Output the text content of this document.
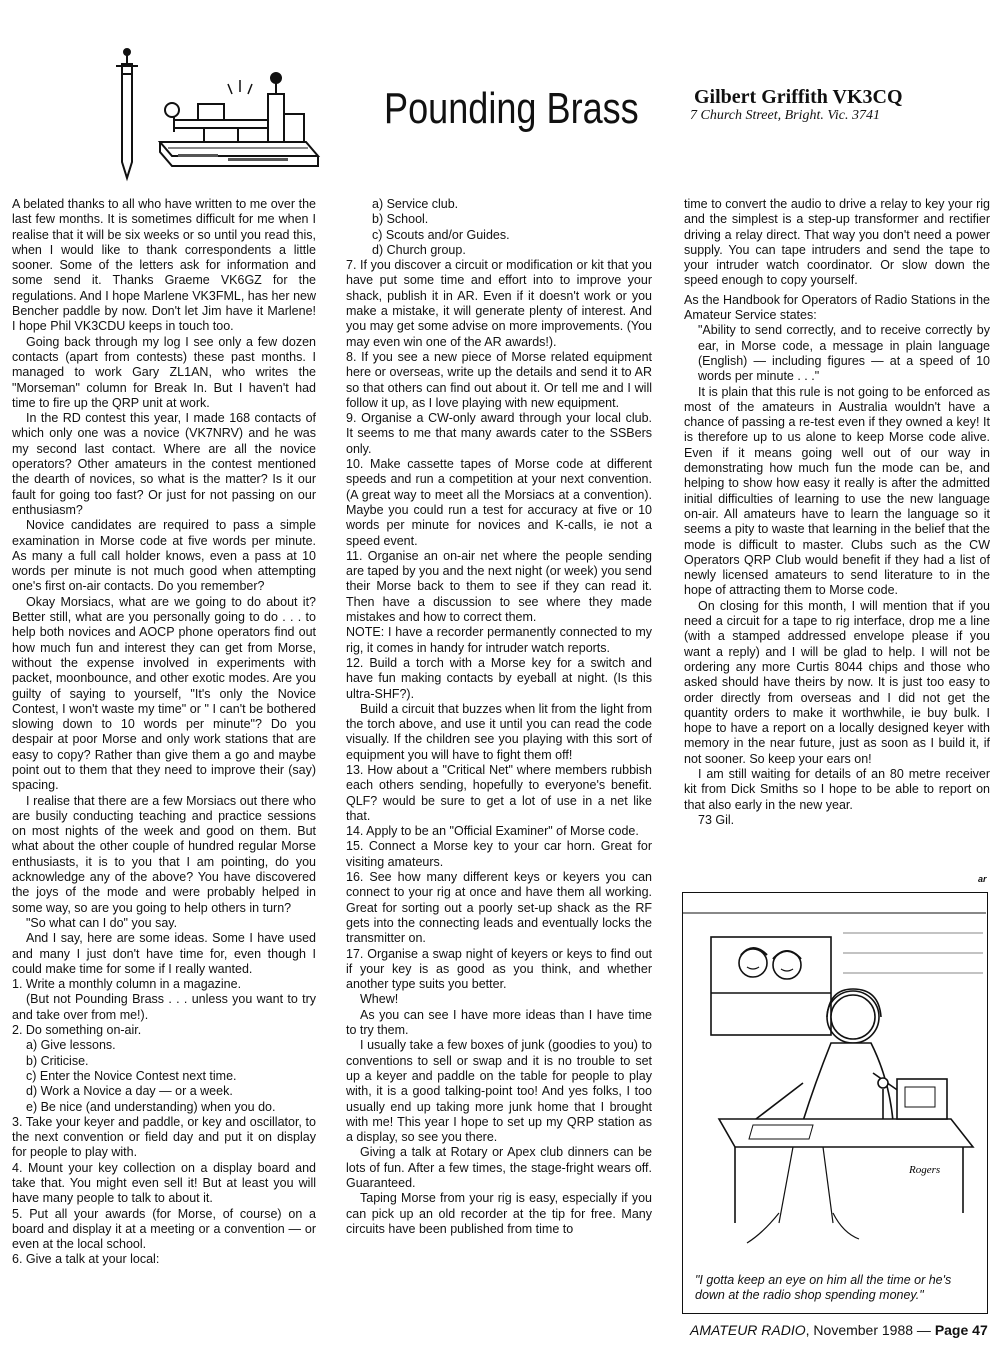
Pounding Brass	Gilbert Griffith VK3CQ
7 Church Street, Bright. Vic. 3741

A belated thanks to all who have written to me over the last few months. It is sometimes difficult for me when I realise that it will be six weeks or so until you read this, when I would like to thank correspondents a little sooner. Some of the letters ask for information and some send it. Thanks Graeme VK6GZ for the regulations. And I hope Marlene VK3FML, has her new Bencher paddle by now. Don't let Jim have it Marlene! I hope Phil VK3CDU keeps in touch too.

Going back through my log I see only a few dozen contacts (apart from contests) these past months. I managed to work Gary ZL1AN, who writes the "Morseman" column for Break In. But I haven't had time to fire up the QRP unit at work.

In the RD contest this year, I made 168 contacts of which only one was a novice (VK7NRV) and he was my second last contact. Where are all the novice operators? Other amateurs in the contest mentioned the dearth of novices, so what is the matter? Is it our fault for going too fast? Or just for not passing on our enthusiasm?

Novice candidates are required to pass a simple examination in Morse code at five words per minute. As many a full call holder knows, even a pass at 10 words per minute is not much good when attempting one's first on-air contacts. Do you remember?

Okay Morsiacs, what are we going to do about it? Better still, what are you personally going to do . . . to help both novices and AOCP phone operators find out how much fun and interest they can get from Morse, without the expense involved in experiments with packet, moonbounce, and other exotic modes. Are you guilty of saying to yourself, "It's only the Novice Contest, I won't waste my time" or " I can't be bothered slowing down to 10 words per minute"? Do you despair at poor Morse and only work stations that are easy to copy? Rather than give them a go and maybe point out to them that they need to improve their (say) spacing.

I realise that there are a few Morsiacs out there who are busily conducting teaching and practice sessions on most nights of the week and good on them. But what about the other couple of hundred regular Morse enthusiasts, it is to you that I am pointing, do you acknowledge any of the above? You have discovered the joys of the mode and were probably helped in some way, so are you going to help others in turn?

"So what can I do" you say.

And I say, here are some ideas. Some I have used and many I just don't have time for, even though I could make time for some if I really wanted.

1. Write a monthly column in a magazine.

(But not Pounding Brass . . . unless you want to try and take over from me!).

2. Do something on-air.

a) Give lessons.

b) Criticise.

c) Enter the Novice Contest next time.

d) Work a Novice a day — or a week.

e) Be nice (and understanding) when you do.

3. Take your keyer and paddle, or key and oscillator, to the next convention or field day and put it on display for people to play with.

4. Mount your key collection on a display board and take that. You might even sell it! But at least you will have many people to talk to about it.

5. Put all your awards (for Morse, of course) on a board and display it at a meeting or a convention — or even at the local school.

6. Give a talk at your local:

a) Service club.

b) School.

c) Scouts and/or Guides.

d) Church group.

7. If you discover a circuit or modification or kit that you have put some time and effort into to improve your shack, publish it in AR. Even if it doesn't work or you make a mistake, it will generate plenty of interest. And you may get some advise on more improvements. (You may even win one of the AR awards!).

8. If you see a new piece of Morse related equipment here or overseas, write up the details and send it to AR so that others can find out about it. Or tell me and I will follow it up, as I love playing with new equipment.

9. Organise a CW-only award through your local club. It seems to me that many awards cater to the SSBers only.

10. Make cassette tapes of Morse code at different speeds and run a competition at your next convention. (A great way to meet all the Morsiacs at a convention). Maybe you could run a test for accuracy at five or 10 words per minute for novices and K-calls, ie not a speed event.

11. Organise an on-air net where the people sending are taped by you and the next night (or week) you send their Morse back to them to see if they can read it. Then have a discussion to see where they made mistakes and how to correct them.

NOTE: I have a recorder permanently connected to my rig, it comes in handy for intruder watch reports.

12. Build a torch with a Morse key for a switch and have fun making contacts by eyeball at night. (Is this ultra-SHF?).

Build a circuit that buzzes when lit from the light from the torch above, and use it until you can read the code visually. If the children see you playing with this sort of equipment you will have to fight them off!

13. How about a "Critical Net" where members rubbish each others sending, hopefully to everyone's benefit. QLF? would be sure to get a lot of use in a net like that.

14. Apply to be an "Official Examiner" of Morse code.

15. Connect a Morse key to your car horn. Great for visiting amateurs.

16. See how many different keys or keyers you can connect to your rig at once and have them all working. Great for sorting out a poorly set-up shack as the RF gets into the connecting leads and eventually locks the transmitter on.

17. Organise a swap night of keyers or keys to find out if your key is as good as you think, and whether another type suits you better.

Whew!

As you can see I have more ideas than I have time to try them.

I usually take a few boxes of junk (goodies to you) to conventions to sell or swap and it is no trouble to set up a keyer and paddle on the table for people to play with, it is a good talking-point too! And yes folks, I too usually end up taking more junk home that I brought with me! This year I hope to set up my QRP station as a display, so see you there.

Giving a talk at Rotary or Apex club dinners can be lots of fun. After a few times, the stage-fright wears off. Guaranteed.

Taping Morse from your rig is easy, especially if you can pick up an old recorder at the tip for free. Many circuits have been published from time to

time to convert the audio to drive a relay to key your rig and the simplest is a step-up transformer and rectifier driving a relay direct. That way you don't need a power supply. You can tape intruders and send the tape to your intruder watch coordinator. Or slow down the speed enough to copy yourself.

As the Handbook for Operators of Radio Stations in the Amateur Service states:

"Ability to send correctly, and to receive correctly by ear, in Morse code, a message in plain language (English) — including figures — at a speed of 10 words per minute . . ."

It is plain that this rule is not going to be enforced as most of the amateurs in Australia wouldn't have a chance of passing a re-test even if they owned a key! It is therefore up to us alone to keep Morse code alive. Even if it means going well out of our way in demonstrating how much fun the mode can be, and helping to show how easy it really is after the admitted initial difficulties of learning to use the new language on-air. All amateurs have to learn the language so it seems a pity to waste that learning in the belief that the mode is difficult to master. Clubs such as the CW Operators QRP Club would benefit if they had a list of newly licensed amateurs to send literature to in the hope of attracting them to Morse code.

On closing for this month, I will mention that if you need a circuit for a tape to rig interface, drop me a line (with a stamped addressed envelope please if you want a reply) and I will be glad to help. I will not be ordering any more Curtis 8044 chips and those who asked should have theirs by now. It is just too easy to order directly from overseas and I did not get the quantity orders to make it worthwhile, ie buy bulk. I hope to have a report on a locally designed keyer with memory in the near future, just as soon as I build it, if not sooner. So keep your ears on!

I am still waiting for details of an 80 metre receiver kit from Dick Smiths so I hope to be able to report on that also early in the new year.

73 Gil.

ar
Rogers
"I gotta keep an eye on him all the time or he's down at the radio shop spending money."
AMATEUR RADIO, November 1988 — Page 47
